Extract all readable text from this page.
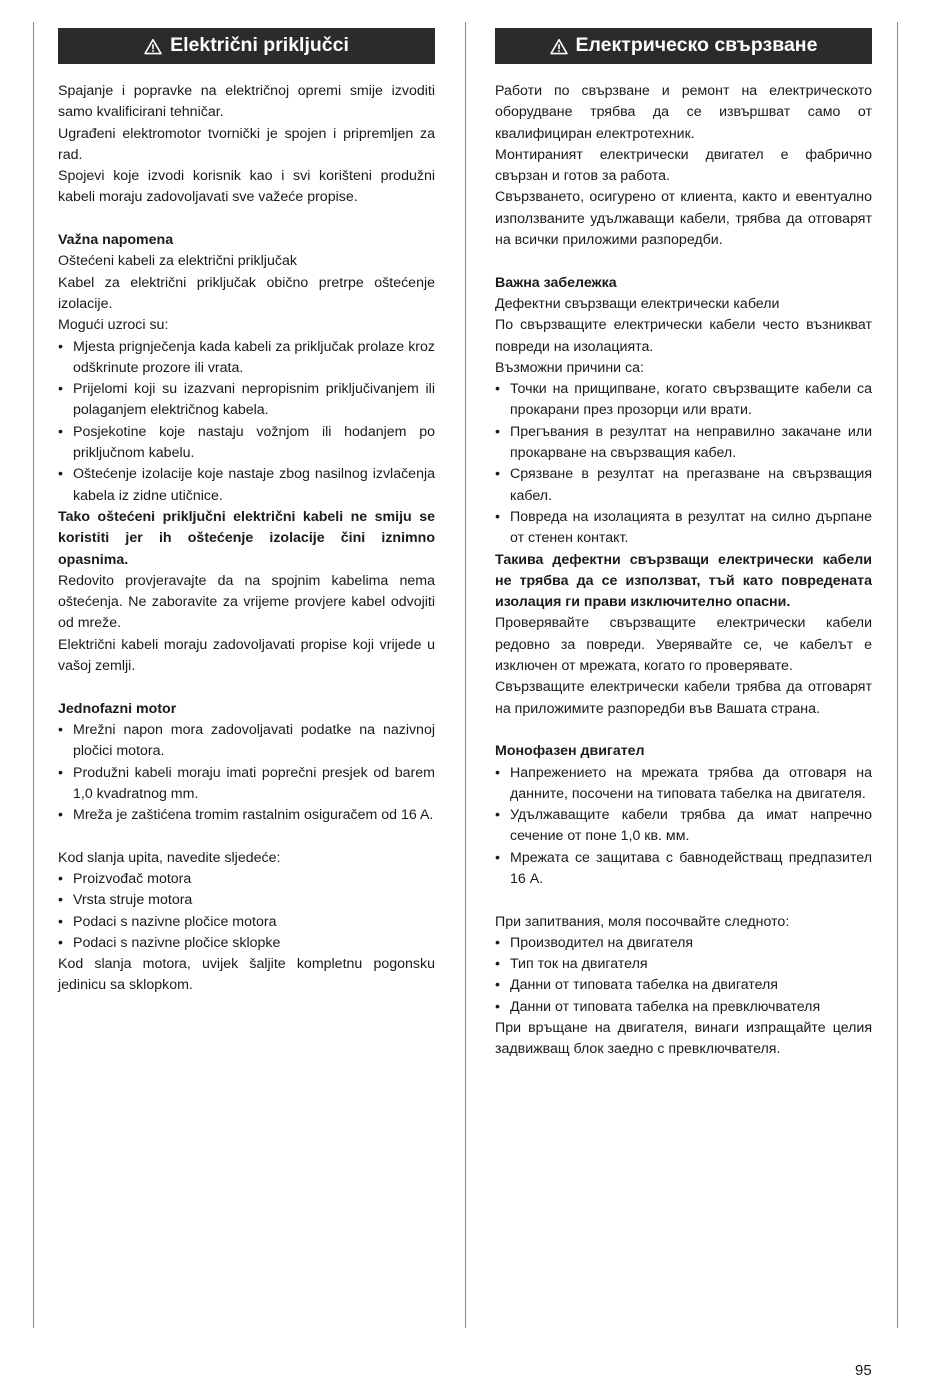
Električni priključci

Spajanje i popravke na električnoj opremi smije izvoditi samo kvalificirani tehničar.

Ugrađeni elektromotor tvornički je spojen i pripremljen za rad.

Spojevi koje izvodi korisnik kao i svi korišteni produžni kabeli moraju zadovoljavati sve važeće propise.

Važna napomena

Oštećeni kabeli za električni priključak

Kabel za električni priključak obično pretrpe oštećenje izolacije.

Mogući uzroci su:

• Mjesta prignječenja kada kabeli za priključak prolaze kroz odškrinute prozore ili vrata.
• Prijelomi koji su izazvani nepropisnim priključivanjem ili polaganjem električnog kabela.
• Posjekotine koje nastaju vožnjom ili hodanjem po priključnom kabelu.
• Oštećenje izolacije koje nastaje zbog nasilnog izvlačenja kabela iz zidne utičnice.

Tako oštećeni priključni električni kabeli ne smiju se koristiti jer ih oštećenje izolacije čini iznimno opasnima.

Redovito provjeravajte da na spojnim kabelima nema oštećenja. Ne zaboravite za vrijeme provjere kabel odvojiti od mreže.

Električni kabeli moraju zadovoljavati propise koji vrijede u vašoj zemlji.

Jednofazni motor

• Mrežni napon mora zadovoljavati podatke na nazivnoj pločici motora.
• Produžni kabeli moraju imati poprečni presjek od barem 1,0 kvadratnog mm.
• Mreža je zaštićena tromim rastalnim osiguračem od 16 A.

Kod slanja upita, navedite sljedeće:

• Proizvođač motora
• Vrsta struje motora
• Podaci s nazivne pločice motora
• Podaci s nazivne pločice sklopke

Kod slanja motora, uvijek šaljite kompletnu pogonsku jedinicu sa sklopkom.

Електрическо свързване

Работи по свързване и ремонт на електрическото оборудване трябва да се извършват само от квалифициран електротехник.

Монтираният електрически двигател е фабрично свързан и готов за работа.

Свързването, осигурено от клиента, както и евентуално използваните удължаващи кабели, трябва да отговарят на всички приложими разпоредби.

Важна забележка

Дефектни свързващи електрически кабели

По свързващите електрически кабели често възникват повреди на изолацията.

Възможни причини са:

• Точки на прищипване, когато свързващите кабели са прокарани през прозорци или врати.
• Прегъвания в резултат на неправилно закачане или прокарване на свързващия кабел.
• Срязване в резултат на прегазване на свързващия кабел.
• Повреда на изолацията в резултат на силно дърпане от стенен контакт.

Такива дефектни свързващи електрически кабели не трябва да се използват, тъй като повредената изолация ги прави изключително опасни.

Проверявайте свързващите електрически кабели редовно за повреди. Уверявайте се, че кабелът е изключен от мрежата, когато го проверявате.

Свързващите електрически кабели трябва да отговарят на приложимите разпоредби във Вашата страна.

Монофазен двигател

• Напрежението на мрежата трябва да отговаря на данните, посочени на типовата табелка на двигателя.
• Удължаващите кабели трябва да имат напречно сечение от поне 1,0 кв. мм.
• Мрежата се защитава с бавнодействащ предпазител 16 А.

При запитвания, моля посочвайте следното:

• Производител на двигателя
• Тип ток на двигателя
• Данни от типовата табелка на двигателя
• Данни от типовата табелка на превключвателя

При връщане на двигателя, винаги изпращайте целия задвижващ блок заедно с превключвателя.

95
